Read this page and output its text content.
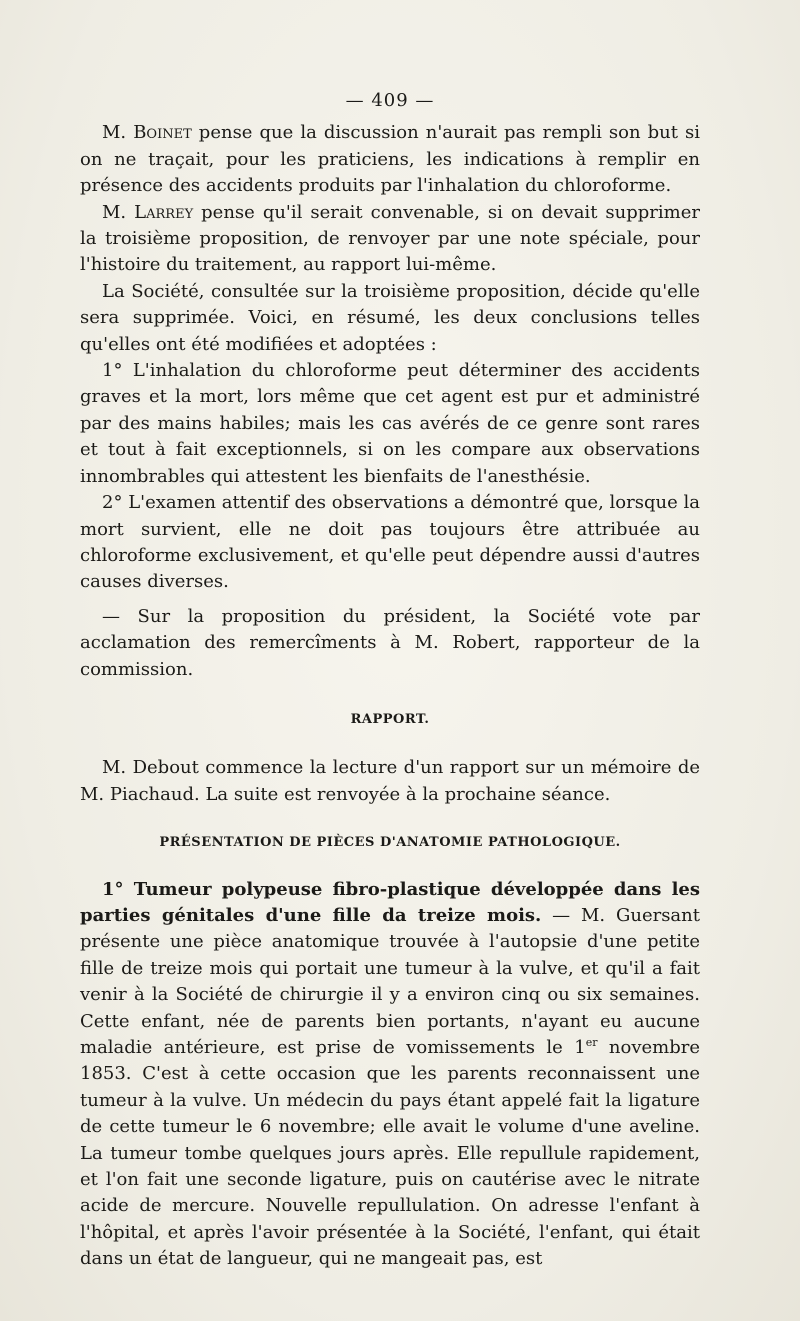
— 409 —

M. Boinet pense que la discussion n'aurait pas rempli son but si on ne traçait, pour les praticiens, les indications à remplir en présence des accidents produits par l'inhalation du chloroforme.

M. Larrey pense qu'il serait convenable, si on devait supprimer la troisième proposition, de renvoyer par une note spéciale, pour l'histoire du traitement, au rapport lui-même.

La Société, consultée sur la troisième proposition, décide qu'elle sera supprimée. Voici, en résumé, les deux conclusions telles qu'elles ont été modifiées et adoptées :

1° L'inhalation du chloroforme peut déterminer des accidents graves et la mort, lors même que cet agent est pur et administré par des mains habiles; mais les cas avérés de ce genre sont rares et tout à fait exceptionnels, si on les compare aux observations innombrables qui attestent les bienfaits de l'anesthésie.

2° L'examen attentif des observations a démontré que, lorsque la mort survient, elle ne doit pas toujours être attribuée au chloroforme exclusivement, et qu'elle peut dépendre aussi d'autres causes diverses.

— Sur la proposition du président, la Société vote par acclamation des remercîments à M. Robert, rapporteur de la commission.

RAPPORT.

M. Debout commence la lecture d'un rapport sur un mémoire de M. Piachaud. La suite est renvoyée à la prochaine séance.

PRÉSENTATION DE PIÈCES D'ANATOMIE PATHOLOGIQUE.

1° Tumeur polypeuse fibro-plastique développée dans les parties génitales d'une fille da treize mois. — M. Guersant présente une pièce anatomique trouvée à l'autopsie d'une petite fille de treize mois qui portait une tumeur à la vulve, et qu'il a fait venir à la Société de chirurgie il y a environ cinq ou six semaines. Cette enfant, née de parents bien portants, n'ayant eu aucune maladie antérieure, est prise de vomissements le 1er novembre 1853. C'est à cette occasion que les parents reconnaissent une tumeur à la vulve. Un médecin du pays étant appelé fait la ligature de cette tumeur le 6 novembre; elle avait le volume d'une aveline. La tumeur tombe quelques jours après. Elle repullule rapidement, et l'on fait une seconde ligature, puis on cautérise avec le nitrate acide de mercure. Nouvelle repullulation. On adresse l'enfant à l'hôpital, et après l'avoir présentée à la Société, l'enfant, qui était dans un état de langueur, qui ne mangeait pas, est
